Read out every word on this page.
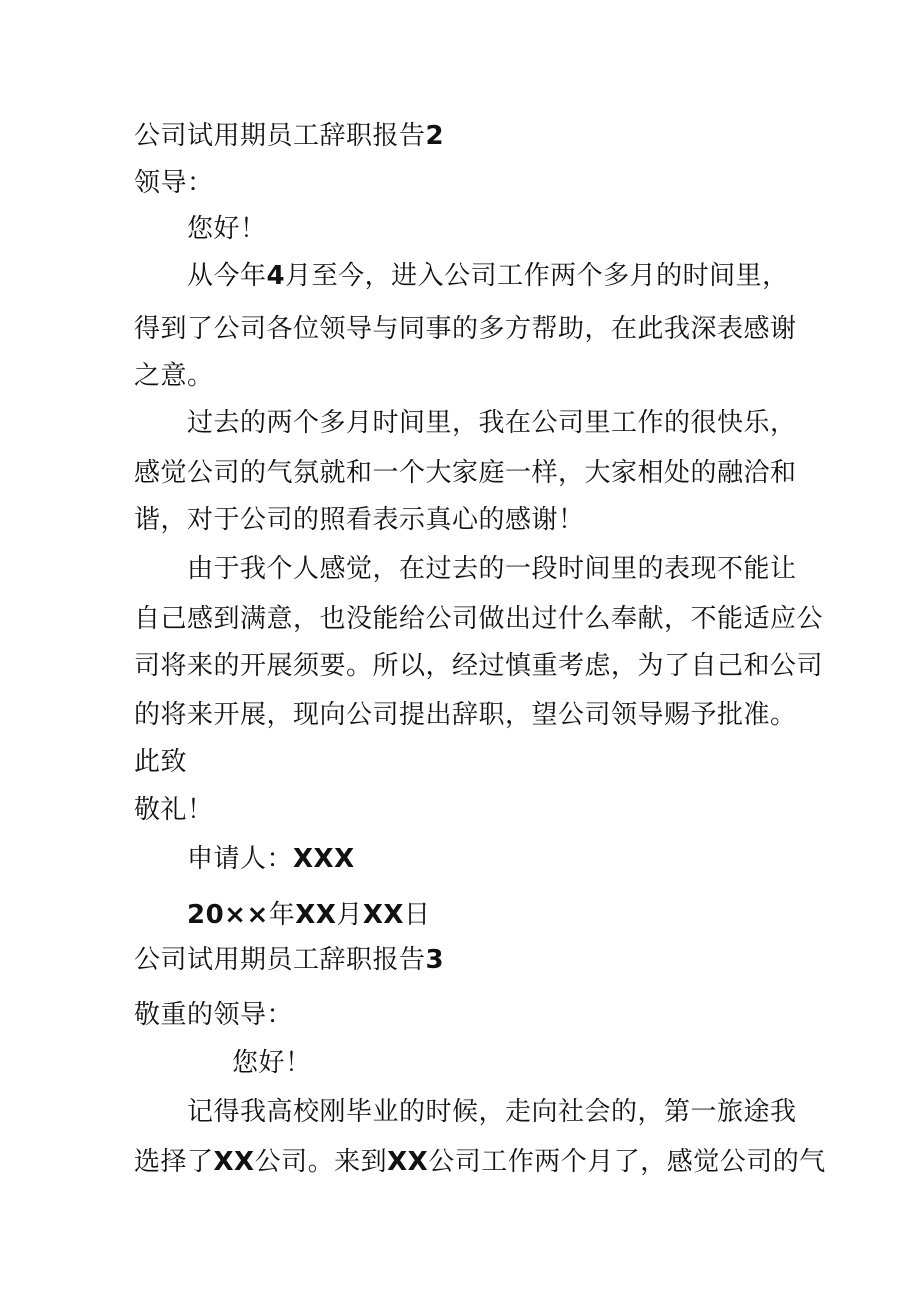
公司试用期员工辞职报告2
领导：
您好！
从今年4月至今，进入公司工作两个多月的时间里，
得到了公司各位领导与同事的多方帮助，在此我深表感谢
之意。
过去的两个多月时间里，我在公司里工作的很快乐，
感觉公司的气氛就和一个大家庭一样，大家相处的融洽和
谐，对于公司的照看表示真心的感谢！
由于我个人感觉，在过去的一段时间里的表现不能让
自己感到满意，也没能给公司做出过什么奉献，不能适应公
司将来的开展须要。所以，经过慎重考虑，为了自己和公司
的将来开展，现向公司提出辞职，望公司领导赐予批准。
此致
敬礼！
申请人：XXX
20××年XX月XX日
公司试用期员工辞职报告3
敬重的领导：
您好！
记得我高校刚毕业的时候，走向社会的，第一旅途我
选择了XX公司。来到XX公司工作两个月了，感觉公司的气
